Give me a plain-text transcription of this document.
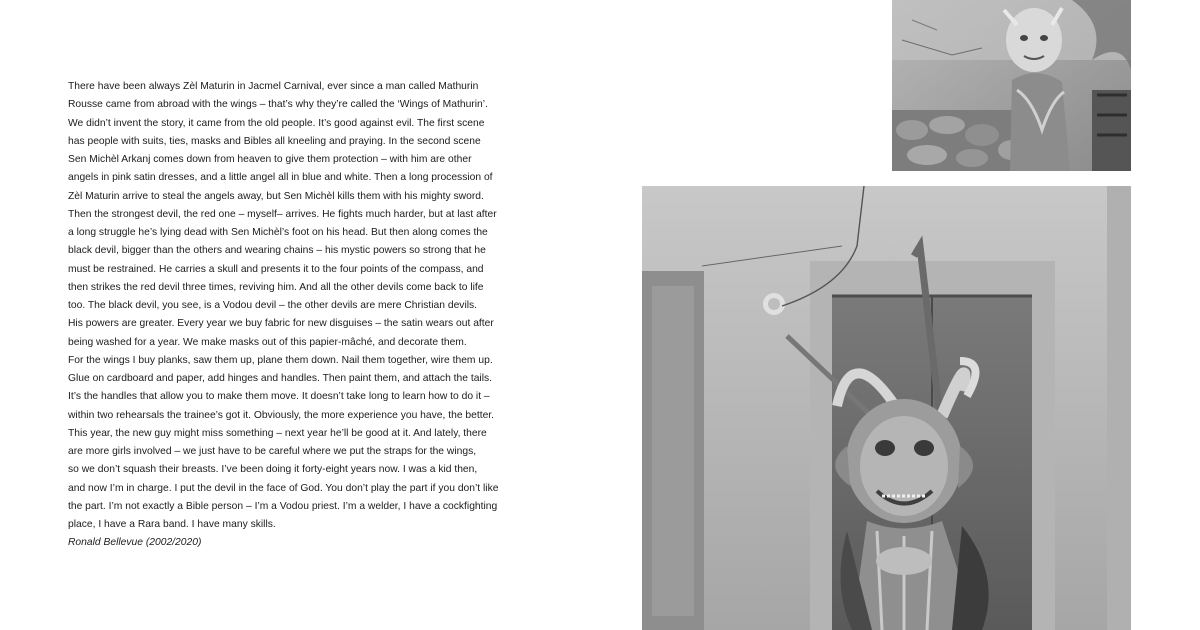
There have been always Zèl Maturin in Jacmel Carnival, ever since a man called Mathurin
Rousse came from abroad with the wings – that’s why they’re called the ‘Wings of Mathurin’.
We didn’t invent the story, it came from the old people. It’s good against evil. The first scene
has people with suits, ties, masks and Bibles all kneeling and praying. In the second scene
Sen Michèl Arkanj comes down from heaven to give them protection – with him are other
angels in pink satin dresses, and a little angel all in blue and white. Then a long procession of
Zèl Maturin arrive to steal the angels away, but Sen Michèl kills them with his mighty sword.
Then the strongest devil, the red one – myself– arrives. He fights much harder, but at last after
a long struggle he’s lying dead with Sen Michèl’s foot on his head. But then along comes the
black devil, bigger than the others and wearing chains – his mystic powers so strong that he
must be restrained. He carries a skull and presents it to the four points of the compass, and
then strikes the red devil three times, reviving him. And all the other devils come back to life
too. The black devil, you see, is a Vodou devil – the other devils are mere Christian devils.
His powers are greater. Every year we buy fabric for new disguises – the satin wears out after
being washed for a year. We make masks out of this papier-mâché, and decorate them.
For the wings I buy planks, saw them up, plane them down. Nail them together, wire them up.
Glue on cardboard and paper, add hinges and handles. Then paint them, and attach the tails.
It’s the handles that allow you to make them move. It doesn’t take long to learn how to do it –
within two rehearsals the trainee’s got it. Obviously, the more experience you have, the better.
This year, the new guy might miss something – next year he’ll be good at it. And lately, there
are more girls involved – we just have to be careful where we put the straps for the wings,
so we don’t squash their breasts. I’ve been doing it forty-eight years now. I was a kid then,
and now I’m in charge. I put the devil in the face of God. You don’t play the part if you don’t like
the part. I’m not exactly a Bible person – I’m a Vodou priest. I’m a welder, I have a cockfighting
place, I have a Rara band. I have many skills.
Ronald Bellevue (2002/2020)
